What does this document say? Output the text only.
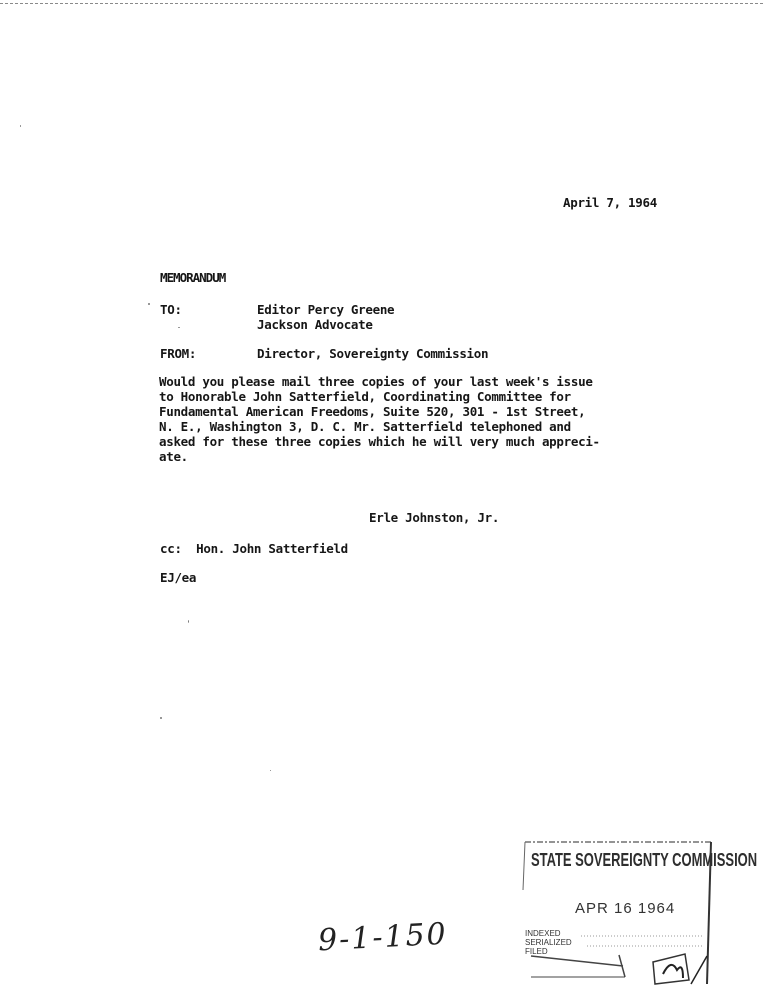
April 7, 1964
MEMORANDUM
TO:	Editor Percy Greene
Jackson Advocate
FROM:	Director, Sovereignty Commission
Would you please mail three copies of your last week's issue
to Honorable John Satterfield, Coordinating Committee for
Fundamental American Freedoms, Suite 520, 301 - 1st Street,
N. E., Washington 3, D. C. Mr. Satterfield telephoned and
asked for these three copies which he will very much appreci-
ate.
Erle Johnston, Jr.
cc:  Hon. John Satterfield
EJ/ea
9-1-150
STATE SOVEREIGNTY COMMISSION
APR 16 1964
INDEXED
SERIALIZED
FILED
